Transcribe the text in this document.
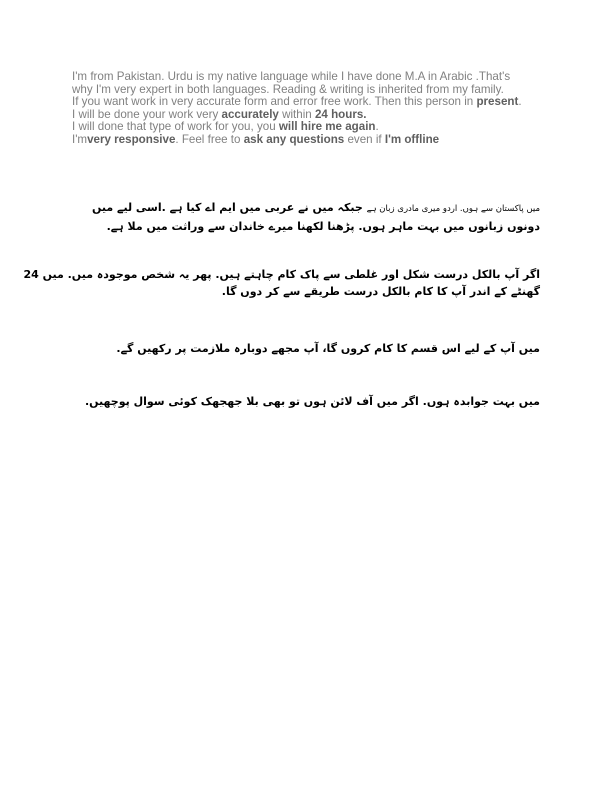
I'm from Pakistan. Urdu is my native language while I have done M.A in Arabic .That's
why I'm very expert in both languages. Reading & writing is inherited from my family.
If you want work in very accurate form and error free work. Then this person in present.
I will be done your work very accurately within 24 hours.
I will done that type of work for you, you will hire me again.
I'mvery responsive. Feel free to ask any questions even if I'm offline
میں پاکستان سے ہوں. اردو میری مادری زبان ہے جبکہ میں نے عربی میں ایم اے کیا ہے .اسی لیے میں
دونوں زبانوں میں بہت ماہر ہوں. پڑھنا لکھنا میرے خاندان سے وراثت میں ملا ہے.
اگر آپ بالکل درست شکل اور غلطی سے پاک کام چاہتے ہیں. پھر یہ شخص موجودہ میں. میں 24
گھنٹے کے اندر آپ کا کام بالکل درست طریقے سے کر دوں گا.
میں آپ کے لیے اس قسم کا کام کروں گا، آپ مجھے دوبارہ ملازمت پر رکھیں گے.
میں بہت جوابدہ ہوں. اگر میں آف لائن ہوں تو بھی بلا جھجھک کوئی سوال پوچھیں.
